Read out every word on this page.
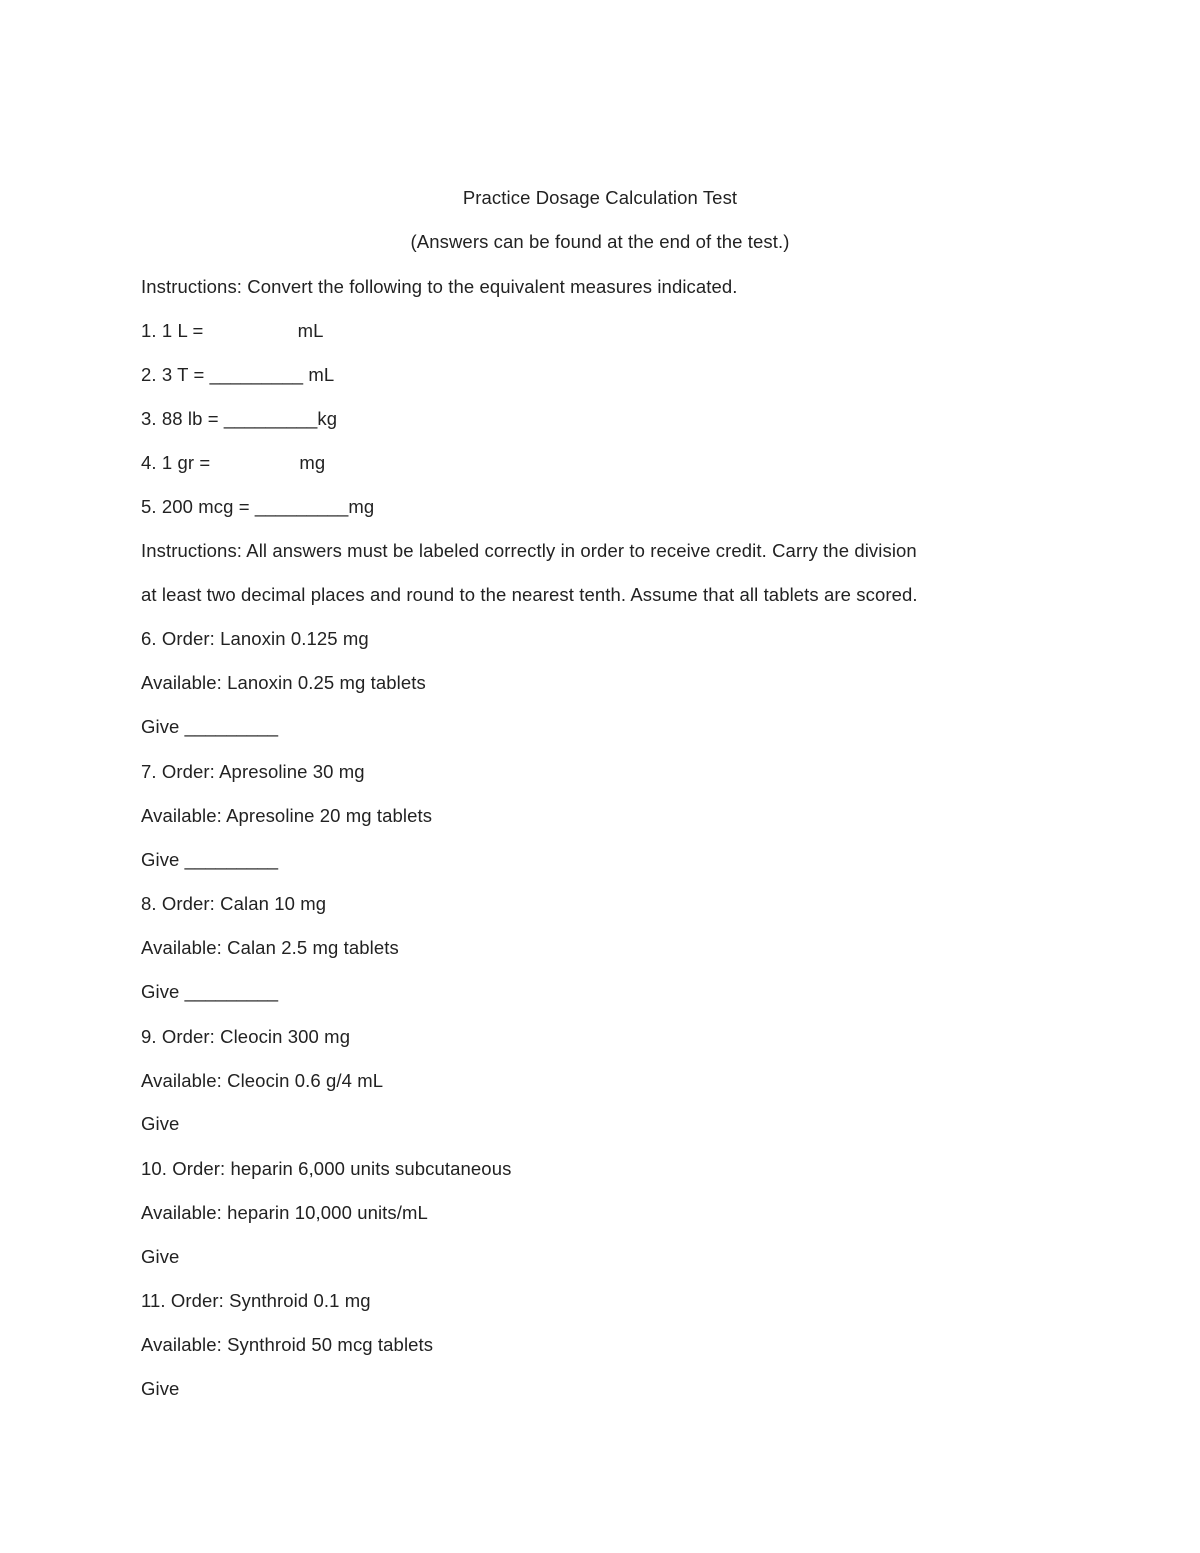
Practice Dosage Calculation Test
(Answers can be found at the end of the test.)
Instructions: Convert the following to the equivalent measures indicated.
1. 1 L =                  mL
2. 3 T = _________ mL
3. 88 lb = _________kg
4. 1 gr =                 mg
5. 200 mcg = _________mg
Instructions: All answers must be labeled correctly in order to receive credit. Carry the division
at least two decimal places and round to the nearest tenth. Assume that all tablets are scored.
6. Order: Lanoxin 0.125 mg
Available: Lanoxin 0.25 mg tablets
Give _________
7. Order: Apresoline 30 mg
Available: Apresoline 20 mg tablets
Give _________
8. Order: Calan 10 mg
Available: Calan 2.5 mg tablets
Give _________
9. Order: Cleocin 300 mg
Available: Cleocin 0.6 g/4 mL
Give
10. Order: heparin 6,000 units subcutaneous
Available: heparin 10,000 units/mL
Give
11. Order: Synthroid 0.1 mg
Available: Synthroid 50 mcg tablets
Give
